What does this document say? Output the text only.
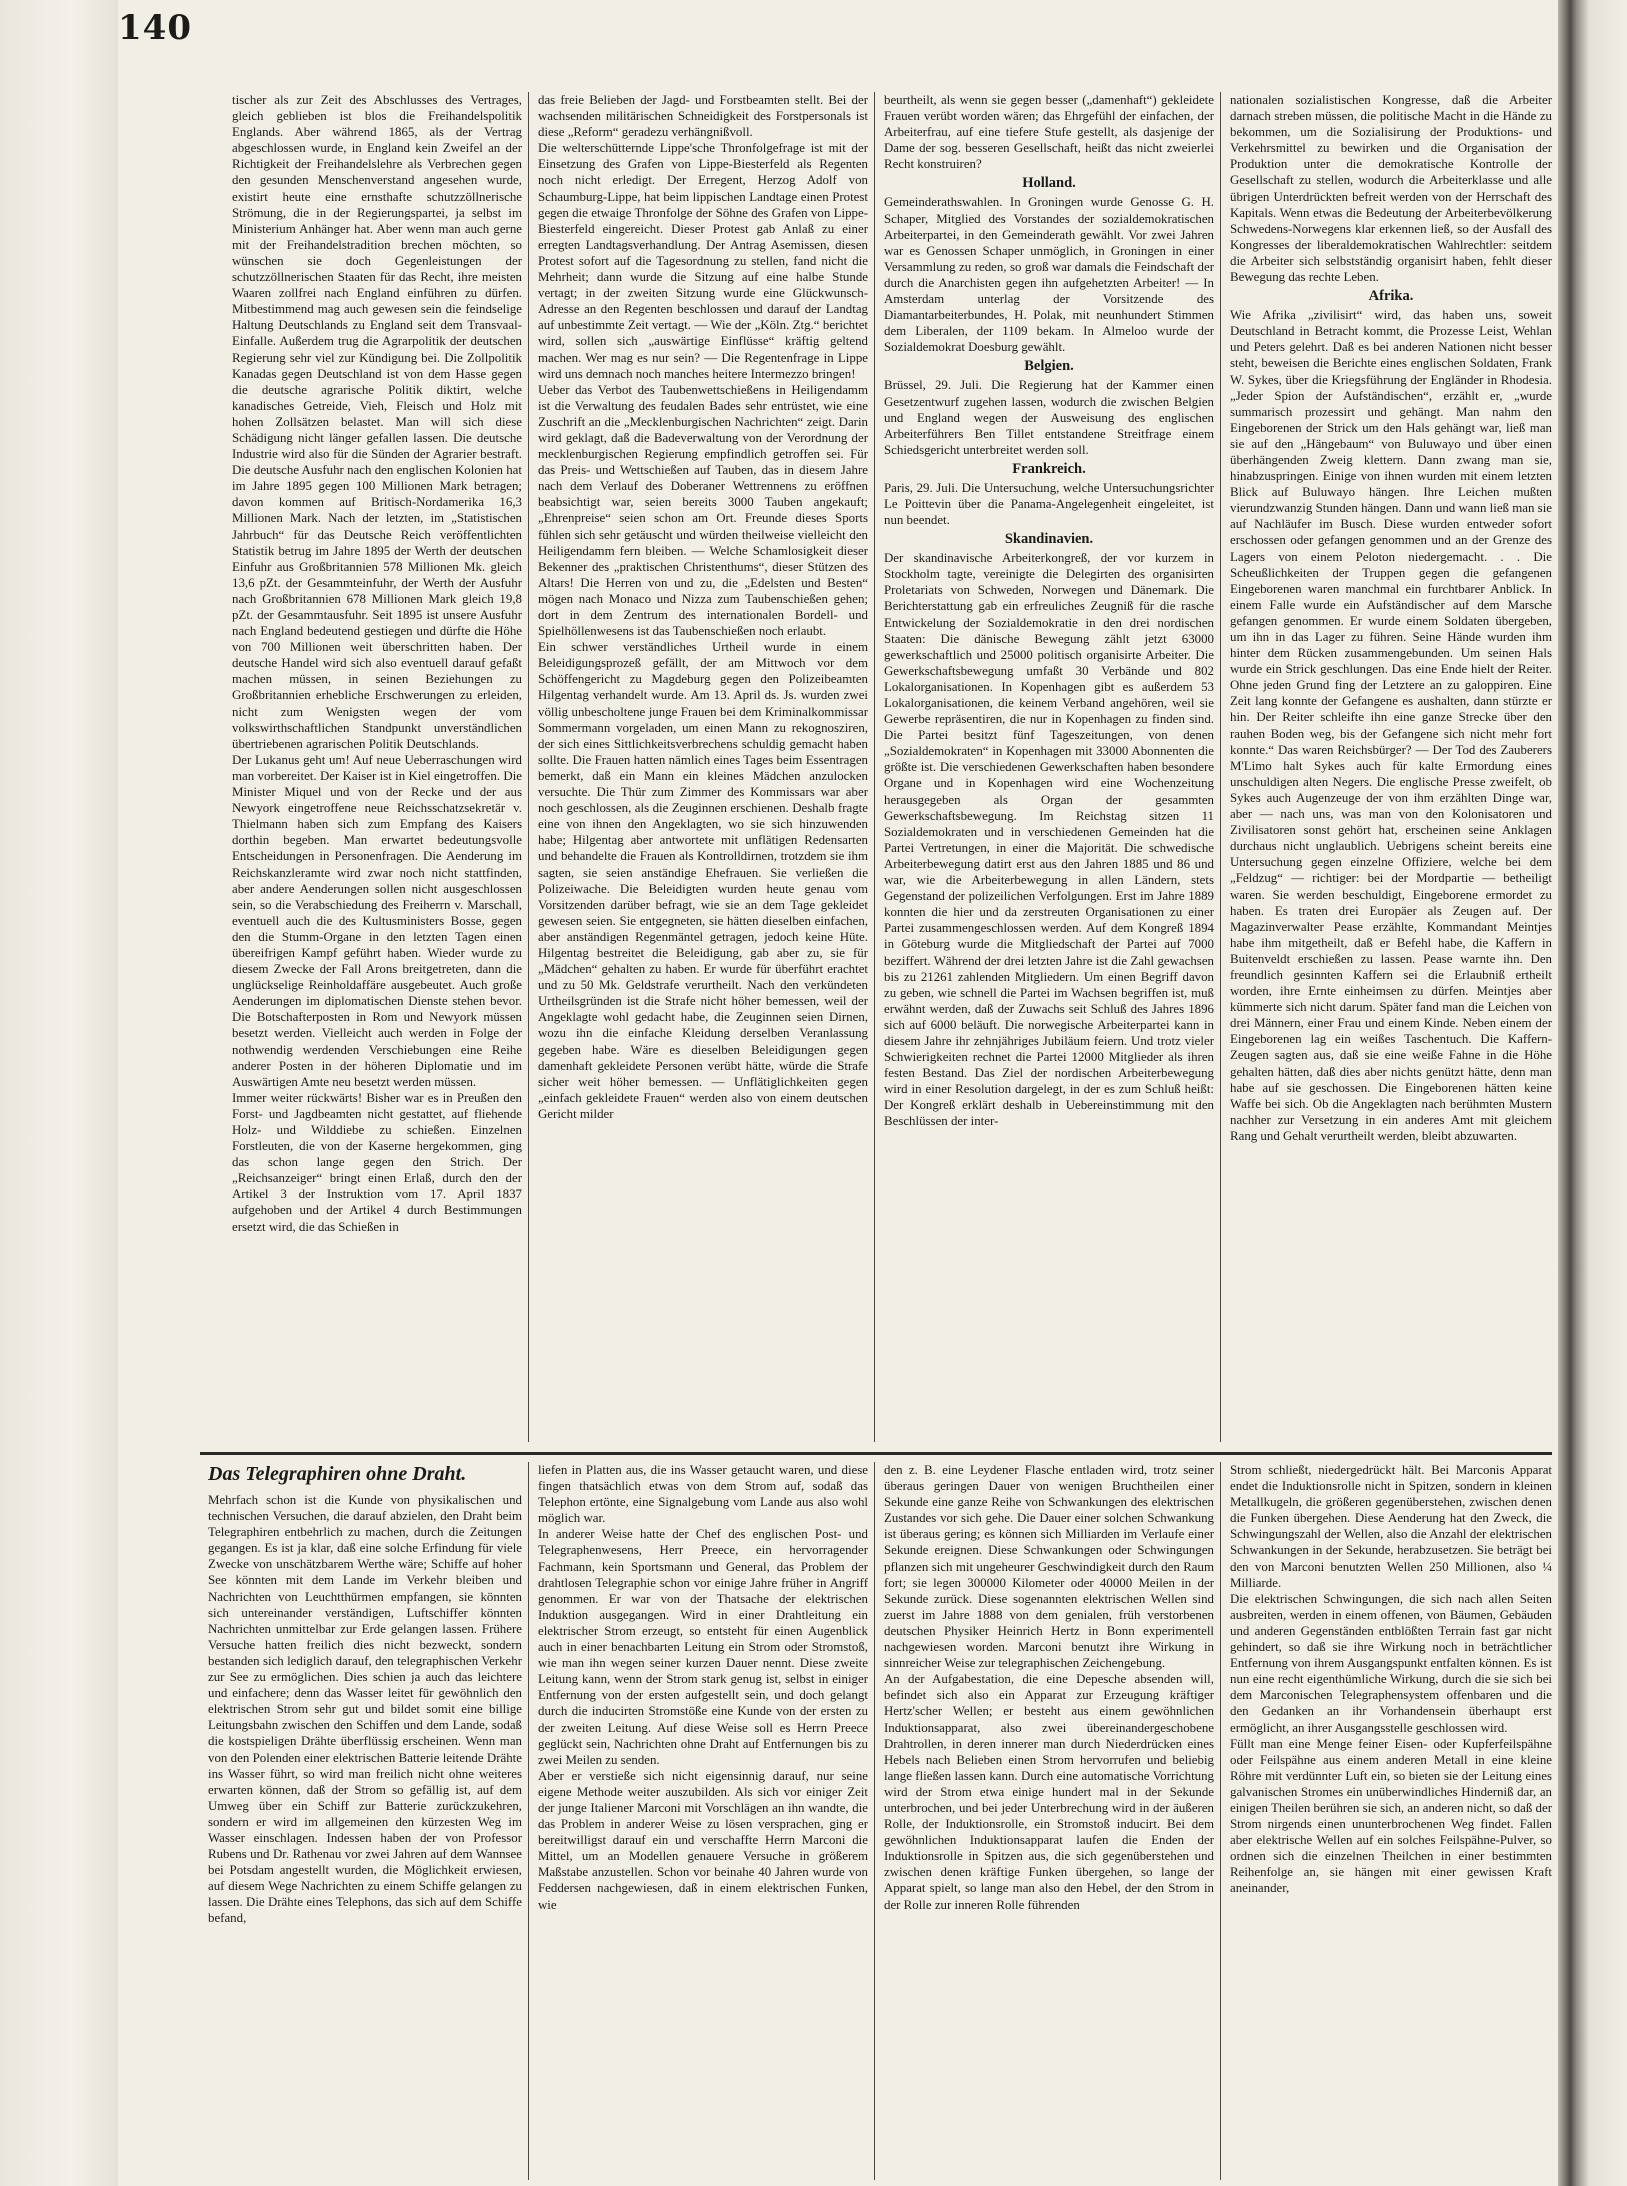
140

tischer als zur Zeit des Abschlusses des Vertrages, gleich geblieben ist blos die Freihandelspolitik Englands. Aber während 1865, als der Vertrag abgeschlossen wurde, in England kein Zweifel an der Richtigkeit der Freihandelslehre als Verbrechen gegen den gesunden Menschenverstand angesehen wurde, existirt heute eine ernsthafte schutzzöllnerische Strömung, die in der Regierungspartei, ja selbst im Ministerium Anhänger hat. Aber wenn man auch gerne mit der Freihandelstradition brechen möchten, so wünschen sie doch Gegenleistungen der schutzzöllnerischen Staaten für das Recht, ihre meisten Waaren zollfrei nach England einführen zu dürfen. Mitbestimmend mag auch gewesen sein die feindselige Haltung Deutschlands zu England seit dem Transvaal-Einfalle. Außerdem trug die Agrarpolitik der deutschen Regierung sehr viel zur Kündigung bei. Die Zollpolitik Kanadas gegen Deutschland ist von dem Hasse gegen die deutsche agrarische Politik diktirt, welche kanadisches Getreide, Vieh, Fleisch und Holz mit hohen Zollsätzen belastet. Man will sich diese Schädigung nicht länger gefallen lassen. Die deutsche Industrie wird also für die Sünden der Agrarier bestraft. Die deutsche Ausfuhr nach den englischen Kolonien hat im Jahre 1895 gegen 100 Millionen Mark betragen; davon kommen auf Britisch-Nordamerika 16,3 Millionen Mark. Nach der letzten, im „Statistischen Jahrbuch“ für das Deutsche Reich veröffentlichten Statistik betrug im Jahre 1895 der Werth der deutschen Einfuhr aus Großbritannien 578 Millionen Mk. gleich 13,6 pZt. der Gesammteinfuhr, der Werth der Ausfuhr nach Großbritannien 678 Millionen Mark gleich 19,8 pZt. der Gesammtausfuhr. Seit 1895 ist unsere Ausfuhr nach England bedeutend gestiegen und dürfte die Höhe von 700 Millionen weit überschritten haben. Der deutsche Handel wird sich also eventuell darauf gefaßt machen müssen, in seinen Beziehungen zu Großbritannien erhebliche Erschwerungen zu erleiden, nicht zum Wenigsten wegen der vom volkswirthschaftlichen Standpunkt unverständlichen übertriebenen agrarischen Politik Deutschlands.

Der Lukanus geht um! Auf neue Ueberraschungen wird man vorbereitet. Der Kaiser ist in Kiel eingetroffen. Die Minister Miquel und von der Recke und der aus Newyork eingetroffene neue Reichsschatzsekretär v. Thielmann haben sich zum Empfang des Kaisers dorthin begeben. Man erwartet bedeutungsvolle Entscheidungen in Personenfragen. Die Aenderung im Reichskanzleramte wird zwar noch nicht stattfinden, aber andere Aenderungen sollen nicht ausgeschlossen sein, so die Verabschiedung des Freiherrn v. Marschall, eventuell auch die des Kultusministers Bosse, gegen den die Stumm-Organe in den letzten Tagen einen übereifrigen Kampf geführt haben. Wieder wurde zu diesem Zwecke der Fall Arons breitgetreten, dann die unglückselige Reinholdaffäre ausgebeutet. Auch große Aenderungen im diplomatischen Dienste stehen bevor. Die Botschafterposten in Rom und Newyork müssen besetzt werden. Vielleicht auch werden in Folge der nothwendig werdenden Verschiebungen eine Reihe anderer Posten in der höheren Diplomatie und im Auswärtigen Amte neu besetzt werden müssen.

Immer weiter rückwärts! Bisher war es in Preußen den Forst- und Jagdbeamten nicht gestattet, auf fliehende Holz- und Wilddiebe zu schießen. Einzelnen Forstleuten, die von der Kaserne hergekommen, ging das schon lange gegen den Strich. Der „Reichsanzeiger“ bringt einen Erlaß, durch den der Artikel 3 der Instruktion vom 17. April 1837 aufgehoben und der Artikel 4 durch Bestimmungen ersetzt wird, die das Schießen in

das freie Belieben der Jagd- und Forstbeamten stellt. Bei der wachsenden militärischen Schneidigkeit des Forstpersonals ist diese „Reform“ geradezu verhängnißvoll.

Die welterschütternde Lippe'sche Thronfolgefrage ist mit der Einsetzung des Grafen von Lippe-Biesterfeld als Regenten noch nicht erledigt. Der Erregent, Herzog Adolf von Schaumburg-Lippe, hat beim lippischen Landtage einen Protest gegen die etwaige Thronfolge der Söhne des Grafen von Lippe-Biesterfeld eingereicht. Dieser Protest gab Anlaß zu einer erregten Landtagsverhandlung. Der Antrag Asemissen, diesen Protest sofort auf die Tagesordnung zu stellen, fand nicht die Mehrheit; dann wurde die Sitzung auf eine halbe Stunde vertagt; in der zweiten Sitzung wurde eine Glückwunsch-Adresse an den Regenten beschlossen und darauf der Landtag auf unbestimmte Zeit vertagt. — Wie der „Köln. Ztg.“ berichtet wird, sollen sich „auswärtige Einflüsse“ kräftig geltend machen. Wer mag es nur sein? — Die Regentenfrage in Lippe wird uns demnach noch manches heitere Intermezzo bringen!

Ueber das Verbot des Taubenwettschießens in Heiligendamm ist die Verwaltung des feudalen Bades sehr entrüstet, wie eine Zuschrift an die „Mecklenburgischen Nachrichten“ zeigt. Darin wird geklagt, daß die Badeverwaltung von der Verordnung der mecklenburgischen Regierung empfindlich getroffen sei. Für das Preis- und Wettschießen auf Tauben, das in diesem Jahre nach dem Verlauf des Doberaner Wettrennens zu eröffnen beabsichtigt war, seien bereits 3000 Tauben angekauft; „Ehrenpreise“ seien schon am Ort. Freunde dieses Sports fühlen sich sehr getäuscht und würden theilweise vielleicht den Heiligendamm fern bleiben. — Welche Schamlosigkeit dieser Bekenner des „praktischen Christenthums“, dieser Stützen des Altars! Die Herren von und zu, die „Edelsten und Besten“ mögen nach Monaco und Nizza zum Taubenschießen gehen; dort in dem Zentrum des internationalen Bordell- und Spielhöllenwesens ist das Taubenschießen noch erlaubt.

Ein schwer verständliches Urtheil wurde in einem Beleidigungsprozeß gefällt, der am Mittwoch vor dem Schöffengericht zu Magdeburg gegen den Polizeibeamten Hilgentag verhandelt wurde. Am 13. April ds. Js. wurden zwei völlig unbescholtene junge Frauen bei dem Kriminalkommissar Sommermann vorgeladen, um einen Mann zu rekognosziren, der sich eines Sittlichkeitsverbrechens schuldig gemacht haben sollte. Die Frauen hatten nämlich eines Tages beim Essentragen bemerkt, daß ein Mann ein kleines Mädchen anzulocken versuchte. Die Thür zum Zimmer des Kommissars war aber noch geschlossen, als die Zeuginnen erschienen. Deshalb fragte eine von ihnen den Angeklagten, wo sie sich hinzuwenden habe; Hilgentag aber antwortete mit unflätigen Redensarten und behandelte die Frauen als Kontrolldirnen, trotzdem sie ihm sagten, sie seien anständige Ehefrauen. Sie verließen die Polizeiwache. Die Beleidigten wurden heute genau vom Vorsitzenden darüber befragt, wie sie an dem Tage gekleidet gewesen seien. Sie entgegneten, sie hätten dieselben einfachen, aber anständigen Regenmäntel getragen, jedoch keine Hüte. Hilgentag bestreitet die Beleidigung, gab aber zu, sie für „Mädchen“ gehalten zu haben. Er wurde für überführt erachtet und zu 50 Mk. Geldstrafe verurtheilt. Nach den verkündeten Urtheilsgründen ist die Strafe nicht höher bemessen, weil der Angeklagte wohl gedacht habe, die Zeuginnen seien Dirnen, wozu ihn die einfache Kleidung derselben Veranlassung gegeben habe. Wäre es dieselben Beleidigungen gegen damenhaft gekleidete Personen verübt hätte, würde die Strafe sicher weit höher bemessen. — Unflätiglichkeiten gegen „einfach gekleidete Frauen“ werden also von einem deutschen Gericht milder

beurtheilt, als wenn sie gegen besser („damenhaft“) gekleidete Frauen verübt worden wären; das Ehrgefühl der einfachen, der Arbeiterfrau, auf eine tiefere Stufe gestellt, als dasjenige der Dame der sog. besseren Gesellschaft, heißt das nicht zweierlei Recht konstruiren?

Holland.

Gemeinderathswahlen. In Groningen wurde Genosse G. H. Schaper, Mitglied des Vorstandes der sozialdemokratischen Arbeiterpartei, in den Gemeinderath gewählt. Vor zwei Jahren war es Genossen Schaper unmöglich, in Groningen in einer Versammlung zu reden, so groß war damals die Feindschaft der durch die Anarchisten gegen ihn aufgehetzten Arbeiter! — In Amsterdam unterlag der Vorsitzende des Diamantarbeiterbundes, H. Polak, mit neunhundert Stimmen dem Liberalen, der 1109 bekam. In Almeloo wurde der Sozialdemokrat Doesburg gewählt.

Belgien.

Brüssel, 29. Juli. Die Regierung hat der Kammer einen Gesetzentwurf zugehen lassen, wodurch die zwischen Belgien und England wegen der Ausweisung des englischen Arbeiterführers Ben Tillet entstandene Streitfrage einem Schiedsgericht unterbreitet werden soll.

Frankreich.

Paris, 29. Juli. Die Untersuchung, welche Untersuchungsrichter Le Poittevin über die Panama-Angelegenheit eingeleitet, ist nun beendet.

Skandinavien.

Der skandinavische Arbeiterkongreß, der vor kurzem in Stockholm tagte, vereinigte die Delegirten des organisirten Proletariats von Schweden, Norwegen und Dänemark. Die Berichterstattung gab ein erfreuliches Zeugniß für die rasche Entwickelung der Sozialdemokratie in den drei nordischen Staaten: Die dänische Bewegung zählt jetzt 63000 gewerkschaftlich und 25000 politisch organisirte Arbeiter. Die Gewerkschaftsbewegung umfaßt 30 Verbände und 802 Lokalorganisationen. In Kopenhagen gibt es außerdem 53 Lokalorganisationen, die keinem Verband angehören, weil sie Gewerbe repräsentiren, die nur in Kopenhagen zu finden sind. Die Partei besitzt fünf Tageszeitungen, von denen „Sozialdemokraten“ in Kopenhagen mit 33000 Abonnenten die größte ist. Die verschiedenen Gewerkschaften haben besondere Organe und in Kopenhagen wird eine Wochenzeitung herausgegeben als Organ der gesammten Gewerkschaftsbewegung. Im Reichstag sitzen 11 Sozialdemokraten und in verschiedenen Gemeinden hat die Partei Vertretungen, in einer die Majorität. Die schwedische Arbeiterbewegung datirt erst aus den Jahren 1885 und 86 und war, wie die Arbeiterbewegung in allen Ländern, stets Gegenstand der polizeilichen Verfolgungen. Erst im Jahre 1889 konnten die hier und da zerstreuten Organisationen zu einer Partei zusammengeschlossen werden. Auf dem Kongreß 1894 in Göteburg wurde die Mitgliedschaft der Partei auf 7000 beziffert. Während der drei letzten Jahre ist die Zahl gewachsen bis zu 21261 zahlenden Mitgliedern. Um einen Begriff davon zu geben, wie schnell die Partei im Wachsen begriffen ist, muß erwähnt werden, daß der Zuwachs seit Schluß des Jahres 1896 sich auf 6000 beläuft. Die norwegische Arbeiterpartei kann in diesem Jahre ihr zehnjähriges Jubiläum feiern. Und trotz vieler Schwierigkeiten rechnet die Partei 12000 Mitglieder als ihren festen Bestand. Das Ziel der nordischen Arbeiterbewegung wird in einer Resolution dargelegt, in der es zum Schluß heißt: Der Kongreß erklärt deshalb in Uebereinstimmung mit den Beschlüssen der inter-

nationalen sozialistischen Kongresse, daß die Arbeiter darnach streben müssen, die politische Macht in die Hände zu bekommen, um die Sozialisirung der Produktions- und Verkehrsmittel zu bewirken und die Organisation der Produktion unter die demokratische Kontrolle der Gesellschaft zu stellen, wodurch die Arbeiterklasse und alle übrigen Unterdrückten befreit werden von der Herrschaft des Kapitals. Wenn etwas die Bedeutung der Arbeiterbevölkerung Schwedens-Norwegens klar erkennen ließ, so der Ausfall des Kongresses der liberaldemokratischen Wahlrechtler: seitdem die Arbeiter sich selbstständig organisirt haben, fehlt dieser Bewegung das rechte Leben.

Afrika.

Wie Afrika „zivilisirt“ wird, das haben uns, soweit Deutschland in Betracht kommt, die Prozesse Leist, Wehlan und Peters gelehrt. Daß es bei anderen Nationen nicht besser steht, beweisen die Berichte eines englischen Soldaten, Frank W. Sykes, über die Kriegsführung der Engländer in Rhodesia. „Jeder Spion der Aufständischen“, erzählt er, „wurde summarisch prozessirt und gehängt. Man nahm den Eingeborenen der Strick um den Hals gehängt war, ließ man sie auf den „Hängebaum“ von Buluwayo und über einen überhängenden Zweig klettern. Dann zwang man sie, hinabzuspringen. Einige von ihnen wurden mit einem letzten Blick auf Buluwayo hängen. Ihre Leichen mußten vierundzwanzig Stunden hängen. Dann und wann ließ man sie auf Nachläufer im Busch. Diese wurden entweder sofort erschossen oder gefangen genommen und an der Grenze des Lagers von einem Peloton niedergemacht. . . Die Scheußlichkeiten der Truppen gegen die gefangenen Eingeborenen waren manchmal ein furchtbarer Anblick. In einem Falle wurde ein Aufständischer auf dem Marsche gefangen genommen. Er wurde einem Soldaten übergeben, um ihn in das Lager zu führen. Seine Hände wurden ihm hinter dem Rücken zusammengebunden. Um seinen Hals wurde ein Strick geschlungen. Das eine Ende hielt der Reiter. Ohne jeden Grund fing der Letztere an zu galoppiren. Eine Zeit lang konnte der Gefangene es aushalten, dann stürzte er hin. Der Reiter schleifte ihn eine ganze Strecke über den rauhen Boden weg, bis der Gefangene sich nicht mehr fort konnte.“ Das waren Reichsbürger? — Der Tod des Zauberers M'Limo halt Sykes auch für kalte Ermordung eines unschuldigen alten Negers. Die englische Presse zweifelt, ob Sykes auch Augenzeuge der von ihm erzählten Dinge war, aber — nach uns, was man von den Kolonisatoren und Zivilisatoren sonst gehört hat, erscheinen seine Anklagen durchaus nicht unglaublich. Uebrigens scheint bereits eine Untersuchung gegen einzelne Offiziere, welche bei dem „Feldzug“ — richtiger: bei der Mordpartie — betheiligt waren. Sie werden beschuldigt, Eingeborene ermordet zu haben. Es traten drei Europäer als Zeugen auf. Der Magazinverwalter Pease erzählte, Kommandant Meintjes habe ihm mitgetheilt, daß er Befehl habe, die Kaffern in Buitenveldt erschießen zu lassen. Pease warnte ihn. Den freundlich gesinnten Kaffern sei die Erlaubniß ertheilt worden, ihre Ernte einheimsen zu dürfen. Meintjes aber kümmerte sich nicht darum. Später fand man die Leichen von drei Männern, einer Frau und einem Kinde. Neben einem der Eingeborenen lag ein weißes Taschentuch. Die Kaffern-Zeugen sagten aus, daß sie eine weiße Fahne in die Höhe gehalten hätten, daß dies aber nichts genützt hätte, denn man habe auf sie geschossen. Die Eingeborenen hätten keine Waffe bei sich. Ob die Angeklagten nach berühmten Mustern nachher zur Versetzung in ein anderes Amt mit gleichem Rang und Gehalt verurtheilt werden, bleibt abzuwarten.

Das Telegraphiren ohne Draht.

Mehrfach schon ist die Kunde von physikalischen und technischen Versuchen, die darauf abzielen, den Draht beim Telegraphiren entbehrlich zu machen, durch die Zeitungen gegangen. Es ist ja klar, daß eine solche Erfindung für viele Zwecke von unschätzbarem Werthe wäre; Schiffe auf hoher See könnten mit dem Lande im Verkehr bleiben und Nachrichten von Leuchtthürmen empfangen, sie könnten sich untereinander verständigen, Luftschiffer könnten Nachrichten unmittelbar zur Erde gelangen lassen. Frühere Versuche hatten freilich dies nicht bezweckt, sondern bestanden sich lediglich darauf, den telegraphischen Verkehr zur See zu ermöglichen. Dies schien ja auch das leichtere und einfachere; denn das Wasser leitet für gewöhnlich den elektrischen Strom sehr gut und bildet somit eine billige Leitungsbahn zwischen den Schiffen und dem Lande, sodaß die kostspieligen Drähte überflüssig erscheinen. Wenn man von den Polenden einer elektrischen Batterie leitende Drähte ins Wasser führt, so wird man freilich nicht ohne weiteres erwarten können, daß der Strom so gefällig ist, auf dem Umweg über ein Schiff zur Batterie zurückzukehren, sondern er wird im allgemeinen den kürzesten Weg im Wasser einschlagen. Indessen haben der von Professor Rubens und Dr. Rathenau vor zwei Jahren auf dem Wannsee bei Potsdam angestellt wurden, die Möglichkeit erwiesen, auf diesem Wege Nachrichten zu einem Schiffe gelangen zu lassen. Die Drähte eines Telephons, das sich auf dem Schiffe befand,

liefen in Platten aus, die ins Wasser getaucht waren, und diese fingen thatsächlich etwas von dem Strom auf, sodaß das Telephon ertönte, eine Signalgebung vom Lande aus also wohl möglich war.

In anderer Weise hatte der Chef des englischen Post- und Telegraphenwesens, Herr Preece, ein hervorragender Fachmann, kein Sportsmann und General, das Problem der drahtlosen Telegraphie schon vor einige Jahre früher in Angriff genommen. Er war von der Thatsache der elektrischen Induktion ausgegangen. Wird in einer Drahtleitung ein elektrischer Strom erzeugt, so entsteht für einen Augenblick auch in einer benachbarten Leitung ein Strom oder Stromstoß, wie man ihn wegen seiner kurzen Dauer nennt. Diese zweite Leitung kann, wenn der Strom stark genug ist, selbst in einiger Entfernung von der ersten aufgestellt sein, und doch gelangt durch die inducirten Stromstöße eine Kunde von der ersten zu der zweiten Leitung. Auf diese Weise soll es Herrn Preece geglückt sein, Nachrichten ohne Draht auf Entfernungen bis zu zwei Meilen zu senden.

Aber er verstieße sich nicht eigensinnig darauf, nur seine eigene Methode weiter auszubilden. Als sich vor einiger Zeit der junge Italiener Marconi mit Vorschlägen an ihn wandte, die das Problem in anderer Weise zu lösen versprachen, ging er bereitwilligst darauf ein und verschaffte Herrn Marconi die Mittel, um an Modellen genauere Versuche in größerem Maßstabe anzustellen. Schon vor beinahe 40 Jahren wurde von Feddersen nachgewiesen, daß in einem elektrischen Funken, wie

den z. B. eine Leydener Flasche entladen wird, trotz seiner überaus geringen Dauer von wenigen Bruchtheilen einer Sekunde eine ganze Reihe von Schwankungen des elektrischen Zustandes vor sich gehe. Die Dauer einer solchen Schwankung ist überaus gering; es können sich Milliarden im Verlaufe einer Sekunde ereignen. Diese Schwankungen oder Schwingungen pflanzen sich mit ungeheurer Geschwindigkeit durch den Raum fort; sie legen 300000 Kilometer oder 40000 Meilen in der Sekunde zurück. Diese sogenannten elektrischen Wellen sind zuerst im Jahre 1888 von dem genialen, früh verstorbenen deutschen Physiker Heinrich Hertz in Bonn experimentell nachgewiesen worden. Marconi benutzt ihre Wirkung in sinnreicher Weise zur telegraphischen Zeichengebung.

An der Aufgabestation, die eine Depesche absenden will, befindet sich also ein Apparat zur Erzeugung kräftiger Hertz'scher Wellen; er besteht aus einem gewöhnlichen Induktionsapparat, also zwei übereinandergeschobene Drahtrollen, in deren innerer man durch Niederdrücken eines Hebels nach Belieben einen Strom hervorrufen und beliebig lange fließen lassen kann. Durch eine automatische Vorrichtung wird der Strom etwa einige hundert mal in der Sekunde unterbrochen, und bei jeder Unterbrechung wird in der äußeren Rolle, der Induktionsrolle, ein Stromstoß inducirt. Bei dem gewöhnlichen Induktionsapparat laufen die Enden der Induktionsrolle in Spitzen aus, die sich gegenüberstehen und zwischen denen kräftige Funken übergehen, so lange der Apparat spielt, so lange man also den Hebel, der den Strom in der Rolle zur inneren Rolle führenden

Strom schließt, niedergedrückt hält. Bei Marconis Apparat endet die Induktionsrolle nicht in Spitzen, sondern in kleinen Metallkugeln, die größeren gegenüberstehen, zwischen denen die Funken übergehen. Diese Aenderung hat den Zweck, die Schwingungszahl der Wellen, also die Anzahl der elektrischen Schwankungen in der Sekunde, herabzusetzen. Sie beträgt bei den von Marconi benutzten Wellen 250 Millionen, also ¼ Milliarde.

Die elektrischen Schwingungen, die sich nach allen Seiten ausbreiten, werden in einem offenen, von Bäumen, Gebäuden und anderen Gegenständen entblößten Terrain fast gar nicht gehindert, so daß sie ihre Wirkung noch in beträchtlicher Entfernung von ihrem Ausgangspunkt entfalten können. Es ist nun eine recht eigenthümliche Wirkung, durch die sie sich bei dem Marconischen Telegraphensystem offenbaren und die den Gedanken an ihr Vorhandensein überhaupt erst ermöglicht, an ihrer Ausgangsstelle geschlossen wird.

Füllt man eine Menge feiner Eisen- oder Kupferfeilspähne oder Feilspähne aus einem anderen Metall in eine kleine Röhre mit verdünnter Luft ein, so bieten sie der Leitung eines galvanischen Stromes ein unüberwindliches Hinderniß dar, an einigen Theilen berühren sie sich, an anderen nicht, so daß der Strom nirgends einen ununterbrochenen Weg findet. Fallen aber elektrische Wellen auf ein solches Feilspähne-Pulver, so ordnen sich die einzelnen Theilchen in einer bestimmten Reihenfolge an, sie hängen mit einer gewissen Kraft aneinander,
